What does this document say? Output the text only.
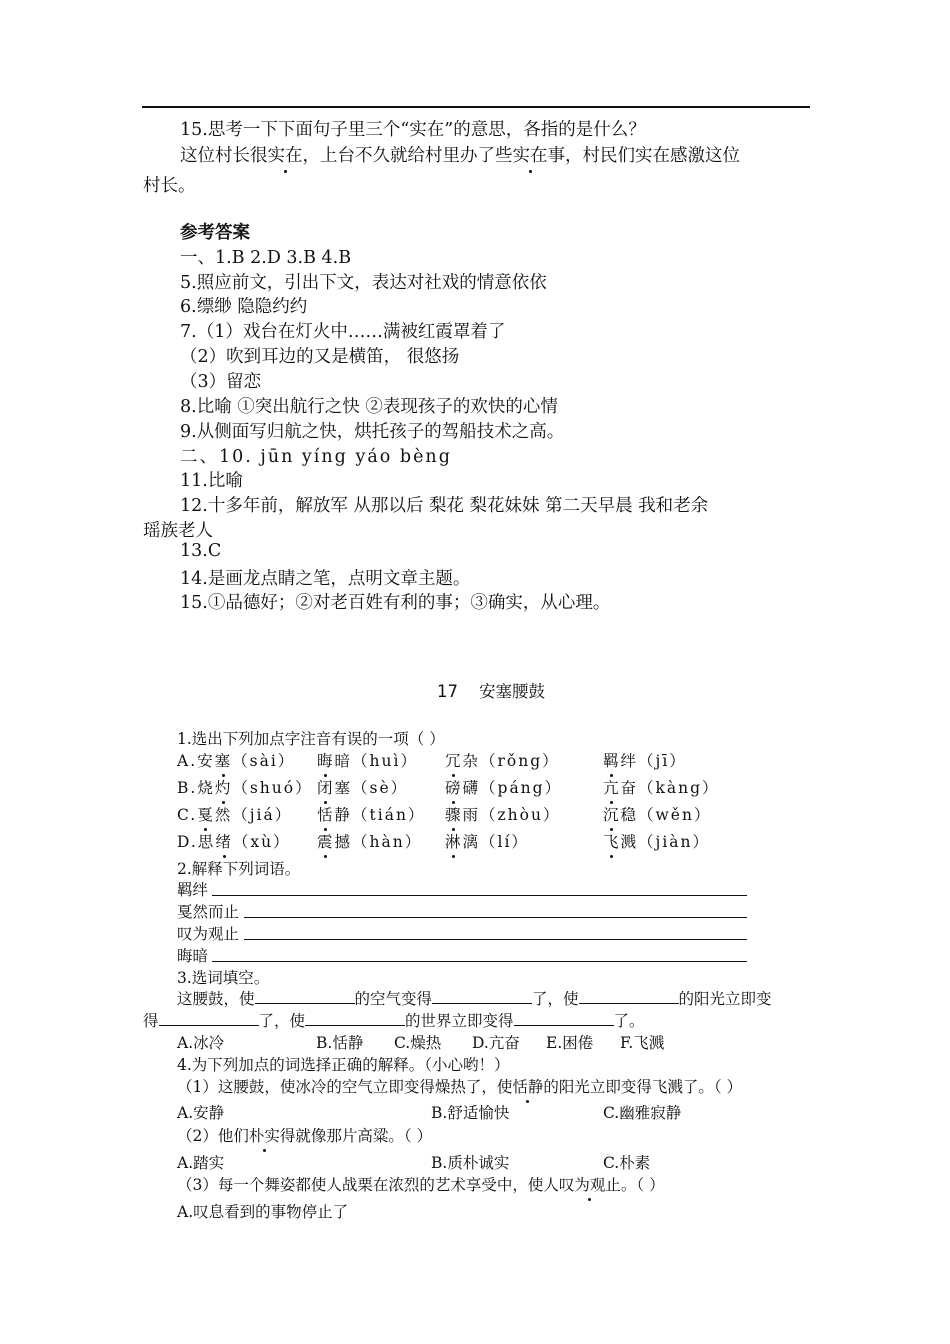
15.思考一下下面句子里三个“实在”的意思，各指的是什么？
这位村长很实在，上台不久就给村里办了些实在事，村民们实在感激这位
村长。
参考答案
一、1.B 2.D 3.B 4.B
5.照应前文，引出下文，表达对社戏的情意依依
6.缥缈 隐隐约约
7.（1）戏台在灯火中……满被红霞罩着了
（2）吹到耳边的又是横笛， 很悠扬
（3）留恋
8.比喻 ①突出航行之快 ②表现孩子的欢快的心情
9.从侧面写归航之快，烘托孩子的驾船技术之高。
二、10. jūn yíng yáo bèng
11.比喻
12.十多年前，解放军 从那以后 梨花 梨花妹妹 第二天早晨 我和老余
瑶族老人
13.C
14.是画龙点睛之笔，点明文章主题。
15.①品德好；②对老百姓有利的事；③确实，从心理。
17 安塞腰鼓
1.选出下列加点字注音有误的一项（ ）
A.安塞（sài） 晦暗（huì） 冗杂（rǒng）	羁绊（jī）
B.烧灼（shuó） 闭塞（sè） 磅礴（páng）	亢奋（kàng）
C.戛然（jiá） 恬静（tián） 骤雨（zhòu）	沉稳（wěn）
D.思绪（xù） 震撼（hàn） 淋漓（lí）	飞溅（jiàn）
2.解释下列词语。
羁绊
戛然而止
叹为观止
晦暗
3.选词填空。
这腰鼓，使	的空气变得	了，使	的阳光立即变
得	了，使	的世界立即变得	了。
A.冰冷	B.恬静 C.燥热 D.亢奋 E.困倦 F.飞溅
4.为下列加点的词选择正确的解释。（小心哟！）
（1）这腰鼓，使冰冷的空气立即变得燥热了，使恬静的阳光立即变得飞溅了。（ ）
A.安静	B.舒适愉快	C.幽雅寂静
（2）他们朴实得就像那片高粱。（ ）
A.踏实	B.质朴诚实	C.朴素
（3）每一个舞姿都使人战栗在浓烈的艺术享受中，使人叹为观止。（ ）
A.叹息看到的事物停止了
